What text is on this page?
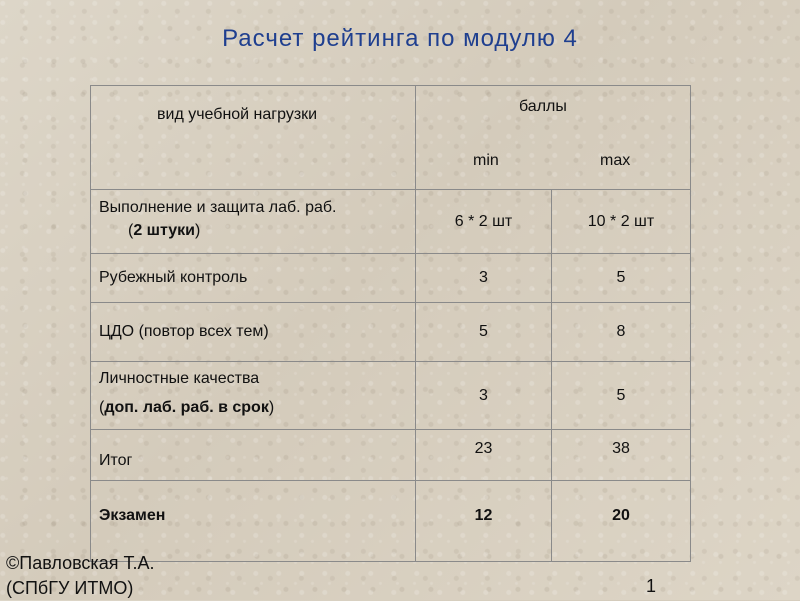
Расчет рейтинга по модулю 4
вид учебной нагрузки	баллы
min max	

Выполнение и защита лаб. раб.
(2 штуки)	6 * 2 шт	10 * 2 шт
Рубежный контроль	3	5
ЦДО (повтор всех тем)	5	8

Личностные качества
(доп. лаб. раб. в срок)	3	5

Итог	23	38

Экзамен	12	20
©Павловская Т.А.
(СПбГУ ИТМО)	1
